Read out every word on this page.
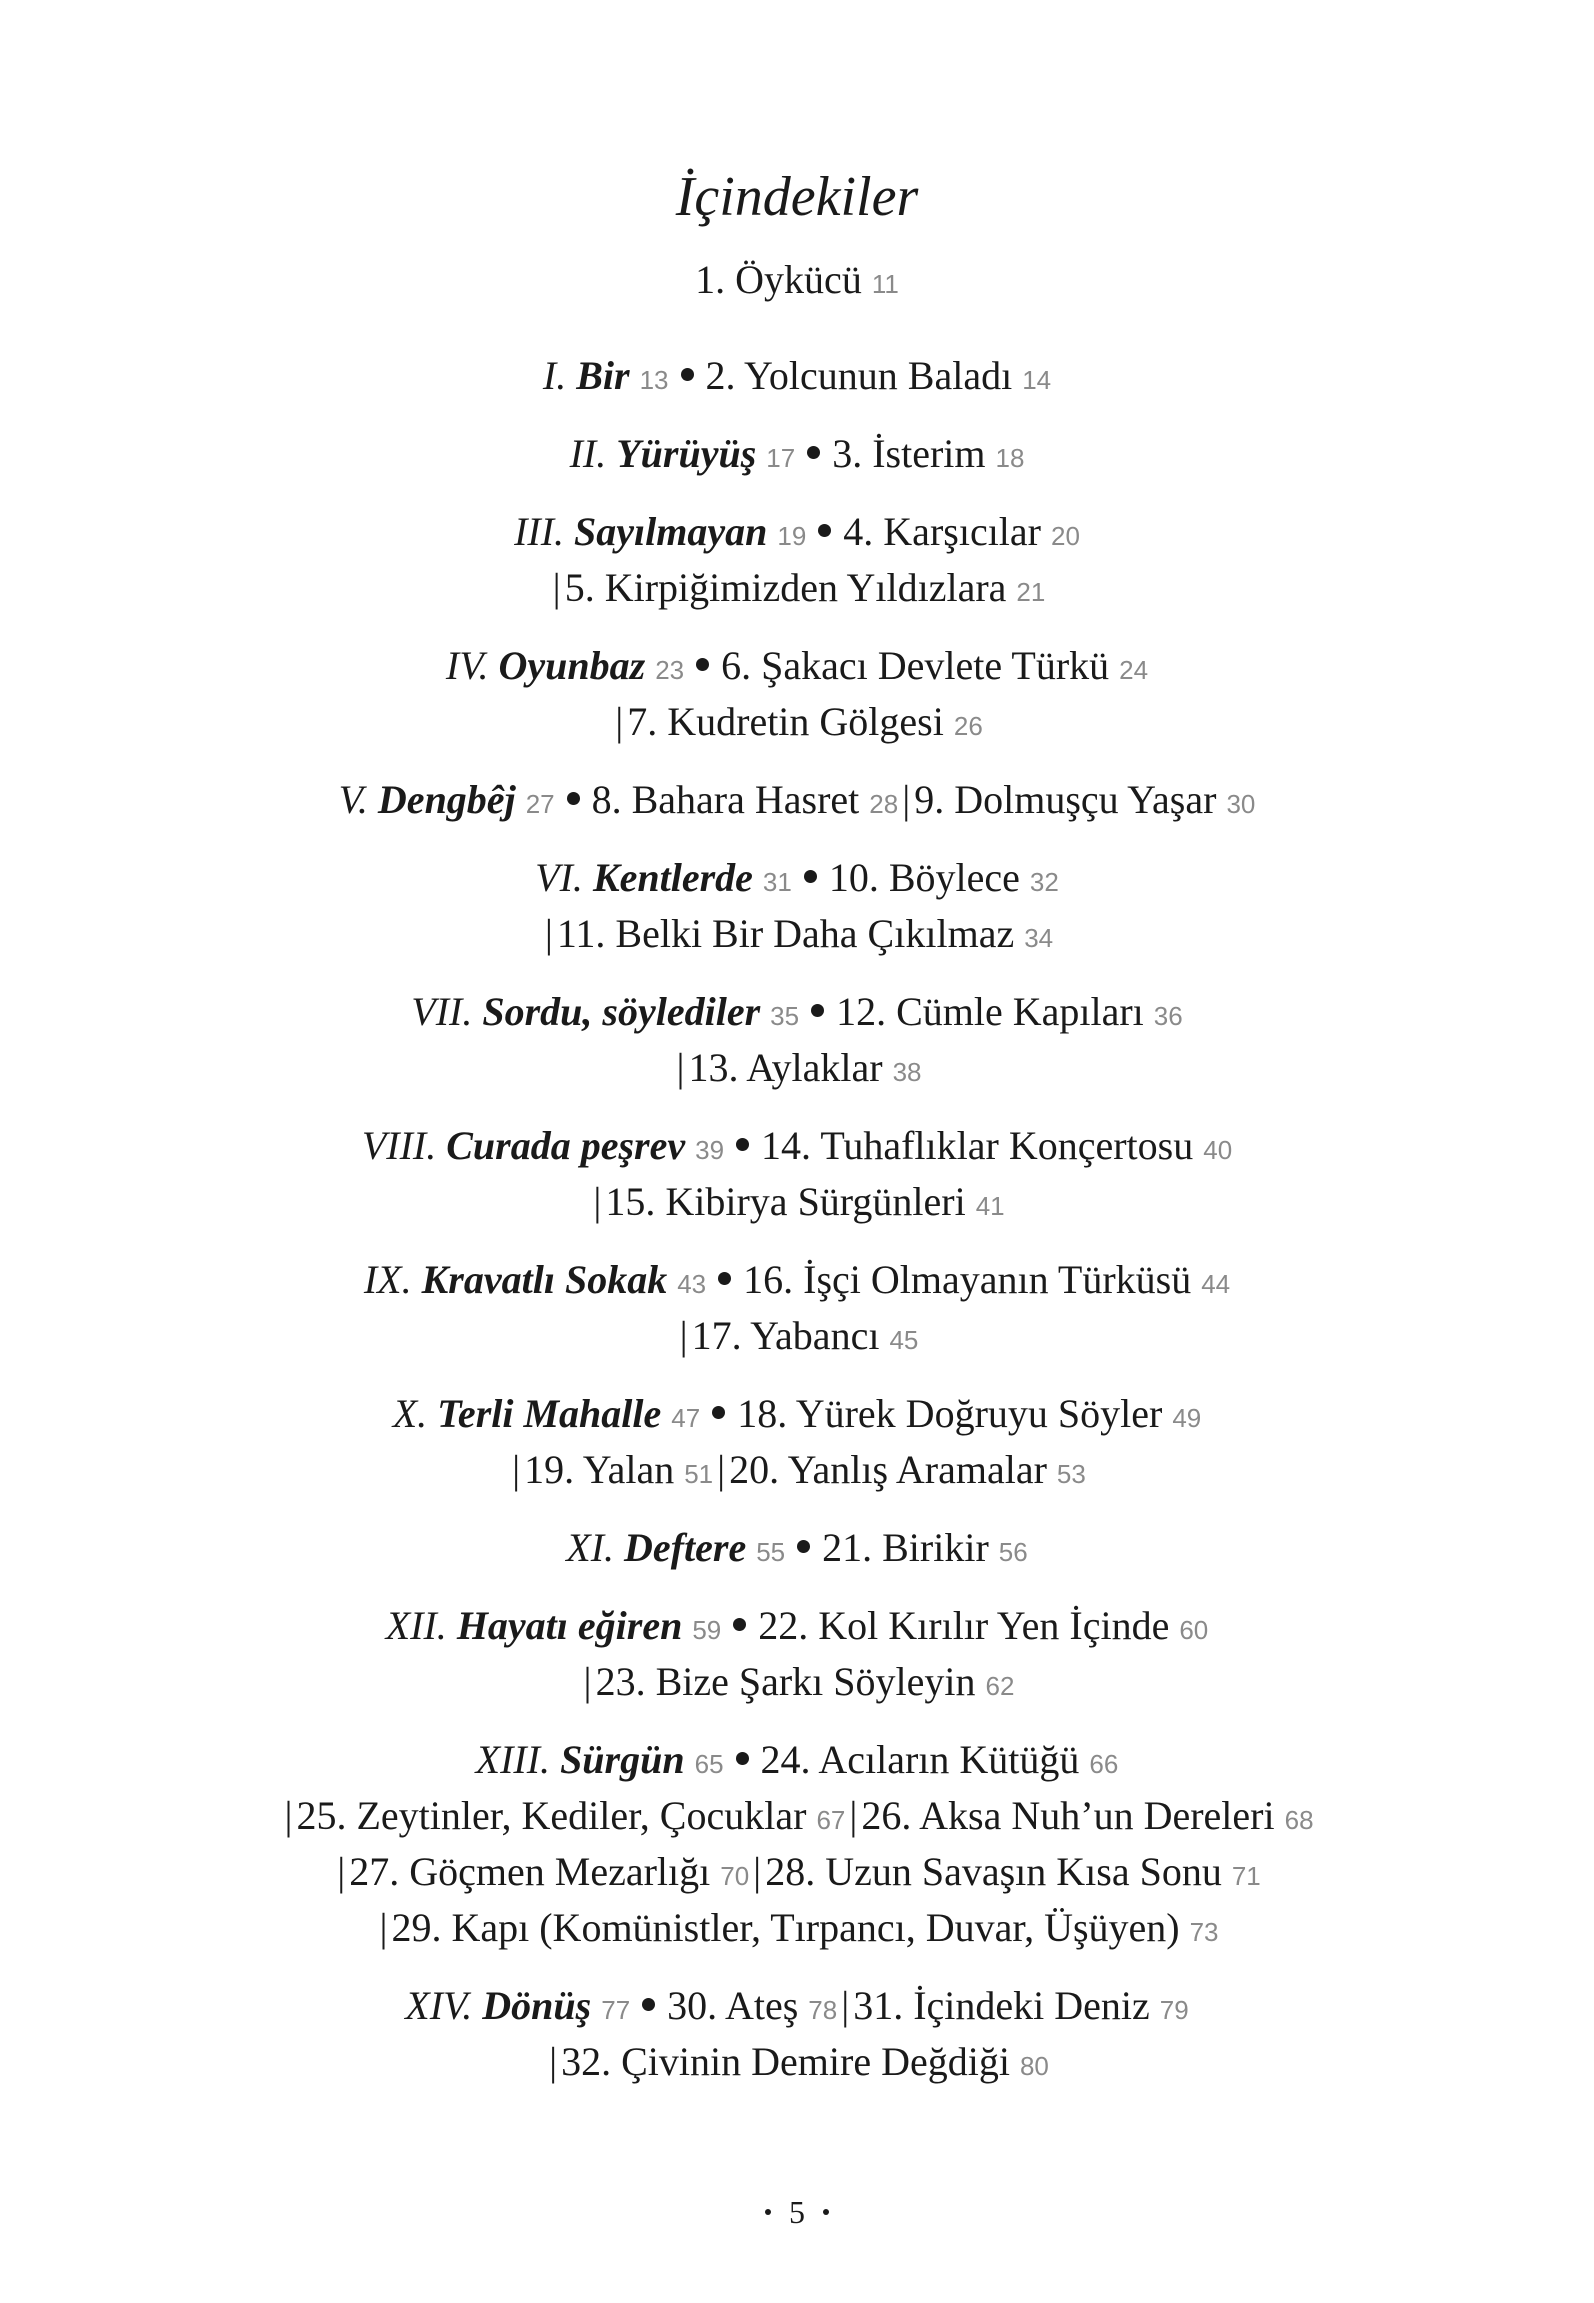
İçindekiler
1. Öykücü 11
I. Bir 13 2. Yolcunun Baladı 14
II. Yürüyüş 17 3. İsterim 18
III. Sayılmayan 19 4. Karşıcılar 20
| 5. Kirpiğimizden Yıldızlara 21
IV. Oyunbaz 23 6. Şakacı Devlete Türkü 24
| 7. Kudretin Gölgesi 26
V. Dengbêj 27 8. Bahara Hasret 28 | 9. Dolmuşçu Yaşar 30
VI. Kentlerde 31 10. Böylece 32
| 11. Belki Bir Daha Çıkılmaz 34
VII. Sordu, söylediler 35 12. Cümle Kapıları 36
| 13. Aylaklar 38
VIII. Curada peşrev 39 14. Tuhaflıklar Konçertosu 40
| 15. Kibirya Sürgünleri 41
IX. Kravatlı Sokak 43 16. İşçi Olmayanın Türküsü 44
| 17. Yabancı 45
X. Terli Mahalle 47 18. Yürek Doğruyu Söyler 49
| 19. Yalan 51 | 20. Yanlış Aramalar 53
XI. Deftere 55 21. Birikir 56
XII. Hayatı eğiren 59 22. Kol Kırılır Yen İçinde 60
| 23. Bize Şarkı Söyleyin 62
XIII. Sürgün 65 24. Acıların Kütüğü 66
| 25. Zeytinler, Kediler, Çocuklar 67 | 26. Aksa Nuh’un Dereleri 68
| 27. Göçmen Mezarlığı 70 | 28. Uzun Savaşın Kısa Sonu 71
| 29. Kapı (Komünistler, Tırpancı, Duvar, Üşüyen) 73
XIV. Dönüş 77 30. Ateş 78 | 31. İçindeki Deniz 79
| 32. Çivinin Demire Değdiği 80
5
